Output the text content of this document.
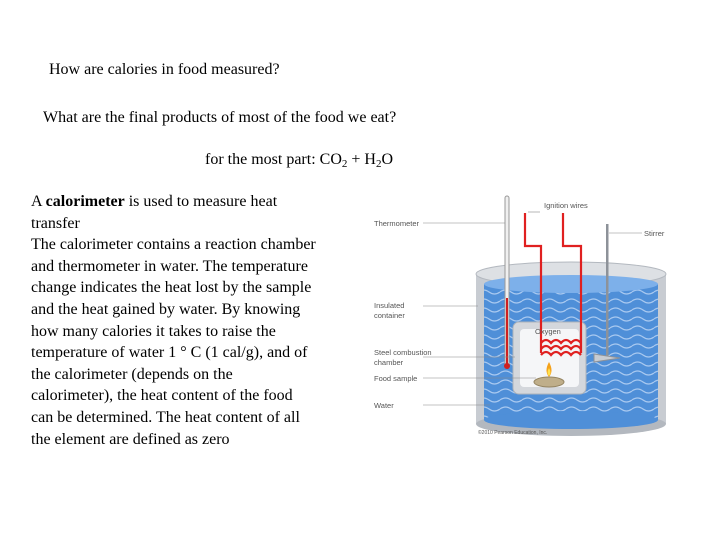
How are calories in food measured?
What are the final products of most of the food we eat?
for the most part: $CO_2 + H_2O$

A calorimeter is used to measure heat transfer

The calorimeter contains a reaction chamber and thermometer in water. The temperature change indicates the heat lost by the sample and the heat gained by water. By knowing how many calories it takes to raise the temperature of water 1 ° C (1 cal/g), and of the calorimeter (depends on the calorimeter), the heat content of the food can be determined. The heat content of all the element are defined as zero

Ignition wires
Thermometer
Stirrer
Insulated
container
Oxygen
Steel combustion
chamber
Food sample
Water
©2010 Pearson Education, Inc.
